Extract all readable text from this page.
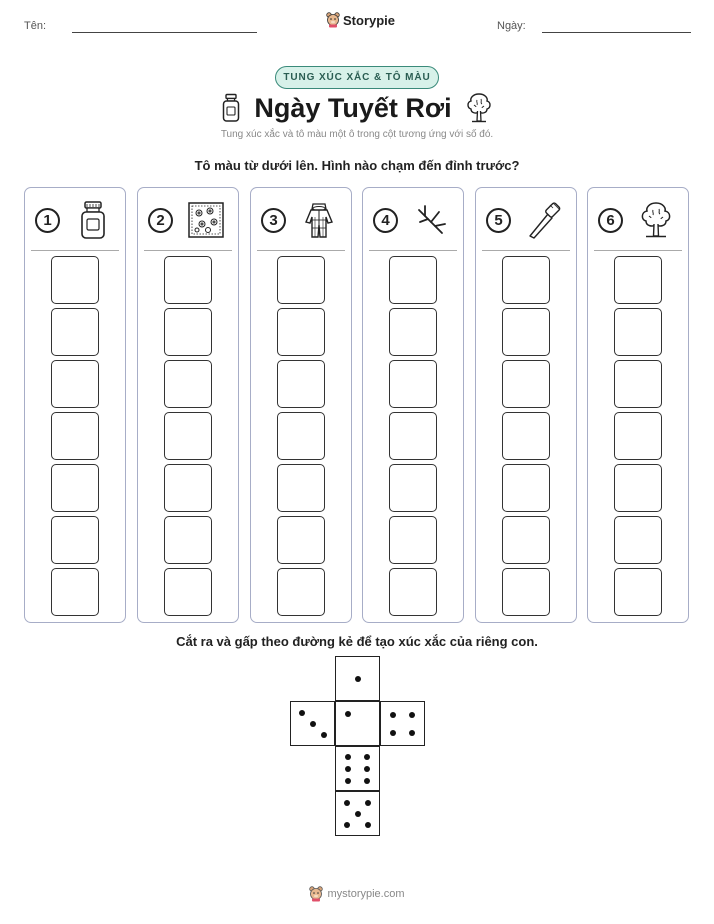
Tên:	Storypie	Ngày:
TUNG XÚC XẮC & TÔ MÀU
Ngày Tuyết Rơi
Tung xúc xắc và tô màu một ô trong cột tương ứng với số đó.
Tô màu từ dưới lên. Hình nào chạm đến đỉnh trước?
1	2	3	4	5	6
Cắt ra và gấp theo đường kẻ để tạo xúc xắc của riêng con.
mystorypie.com
